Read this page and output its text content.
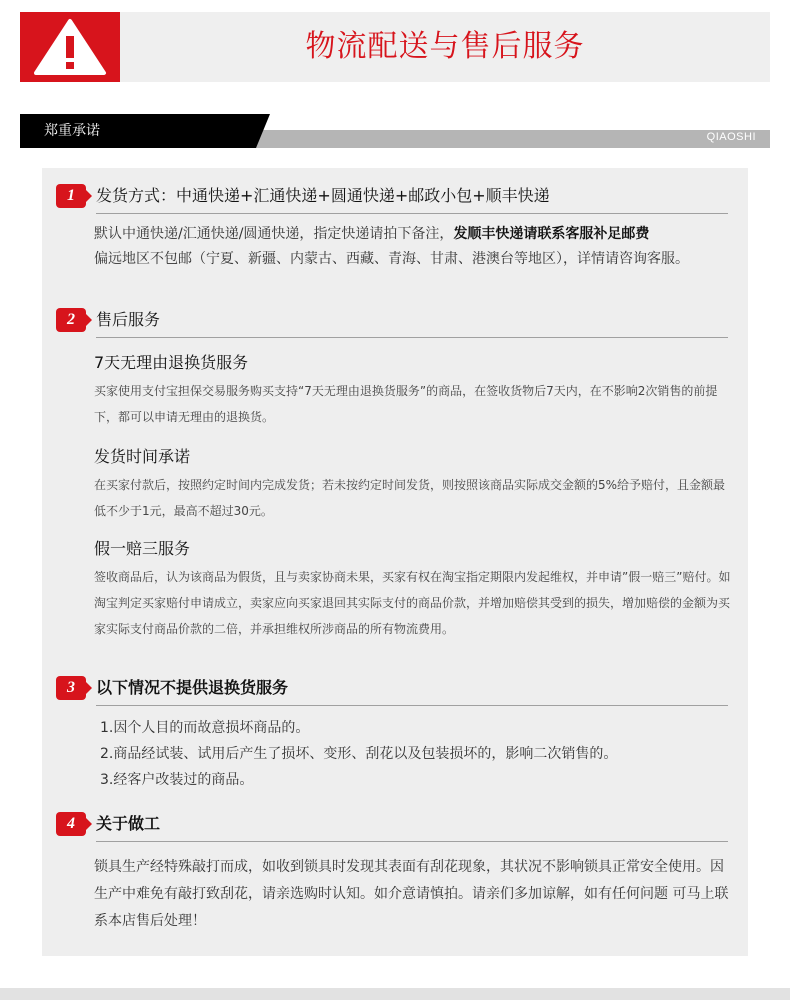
物流配送与售后服务
QIAOSHI
郑重承诺
1	发货方式：中通快递+汇通快递+圆通快递+邮政小包+顺丰快递
默认中通快递/汇通快递/圆通快递，指定快递请拍下备注，发顺丰快递请联系客服补足邮费
偏远地区不包邮（宁夏、新疆、内蒙古、西藏、青海、甘肃、港澳台等地区），详情请咨询客服。
2	售后服务
7天无理由退换货服务
买家使用支付宝担保交易服务购买支持“7天无理由退换货服务”的商品，在签收货物后7天内，在不影响2次销售的前提下，都可以申请无理由的退换货。
发货时间承诺
在买家付款后，按照约定时间内完成发货；若未按约定时间发货，则按照该商品实际成交金额的5%给予赔付，且金额最低不少于1元，最高不超过30元。
假一赔三服务
签收商品后，认为该商品为假货，且与卖家协商未果，买家有权在淘宝指定期限内发起维权，并申请”假一赔三”赔付。如淘宝判定买家赔付申请成立，卖家应向买家退回其实际支付的商品价款，并增加赔偿其受到的损失，增加赔偿的金额为买家实际支付商品价款的二倍，并承担维权所涉商品的所有物流费用。
3	以下情况不提供退换货服务
1.因个人目的而故意损坏商品的。
2.商品经试装、试用后产生了损坏、变形、刮花以及包装损坏的，影响二次销售的。
3.经客户改装过的商品。
4	关于做工
锁具生产经特殊敲打而成，如收到锁具时发现其表面有刮花现象，其状况不影响锁具正常安全使用。因生产中难免有敲打致刮花，请亲选购时认知。如介意请慎拍。请亲们多加谅解，如有任何问题 可马上联系本店售后处理！
